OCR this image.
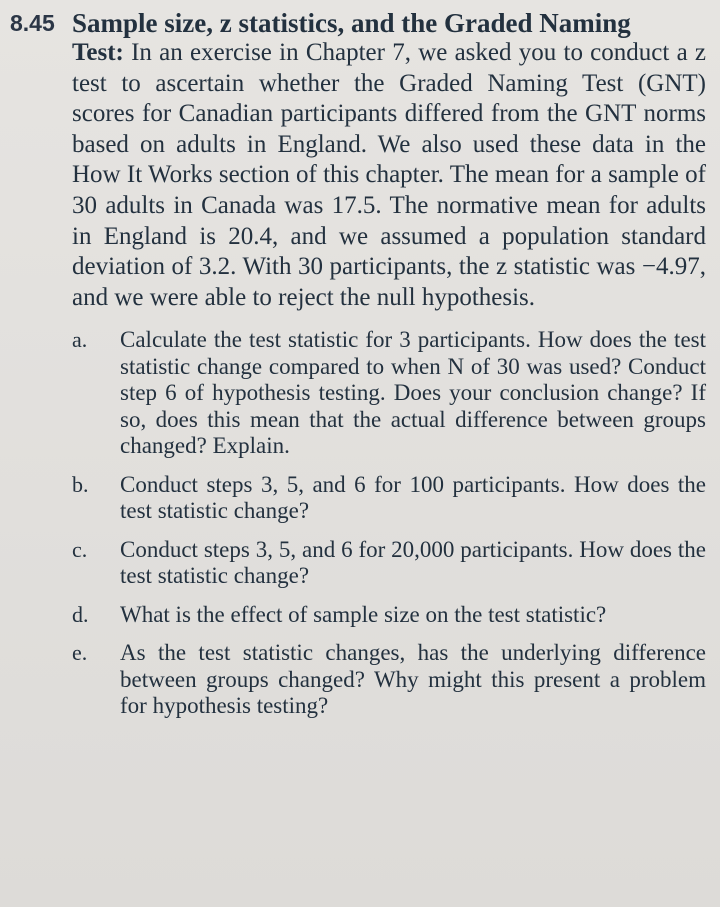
8.45 Sample size, z statistics, and the Graded Naming
Test: In an exercise in Chapter 7, we asked you to conduct a z test to ascertain whether the Graded Naming Test (GNT) scores for Canadian participants differed from the GNT norms based on adults in England. We also used these data in the How It Works section of this chapter. The mean for a sample of 30 adults in Canada was 17.5. The normative mean for adults in England is 20.4, and we assumed a population standard deviation of 3.2. With 30 participants, the z statistic was −4.97, and we were able to reject the null hypothesis.
a.	Calculate the test statistic for 3 participants. How does the test statistic change compared to when N of 30 was used? Conduct step 6 of hypothesis testing. Does your conclusion change? If so, does this mean that the actual difference between groups changed? Explain.
b.	Conduct steps 3, 5, and 6 for 100 participants. How does the test statistic change?
c.	Conduct steps 3, 5, and 6 for 20,000 participants. How does the test statistic change?
d.	What is the effect of sample size on the test statistic?
e.	As the test statistic changes, has the underlying difference between groups changed? Why might this present a problem for hypothesis testing?
